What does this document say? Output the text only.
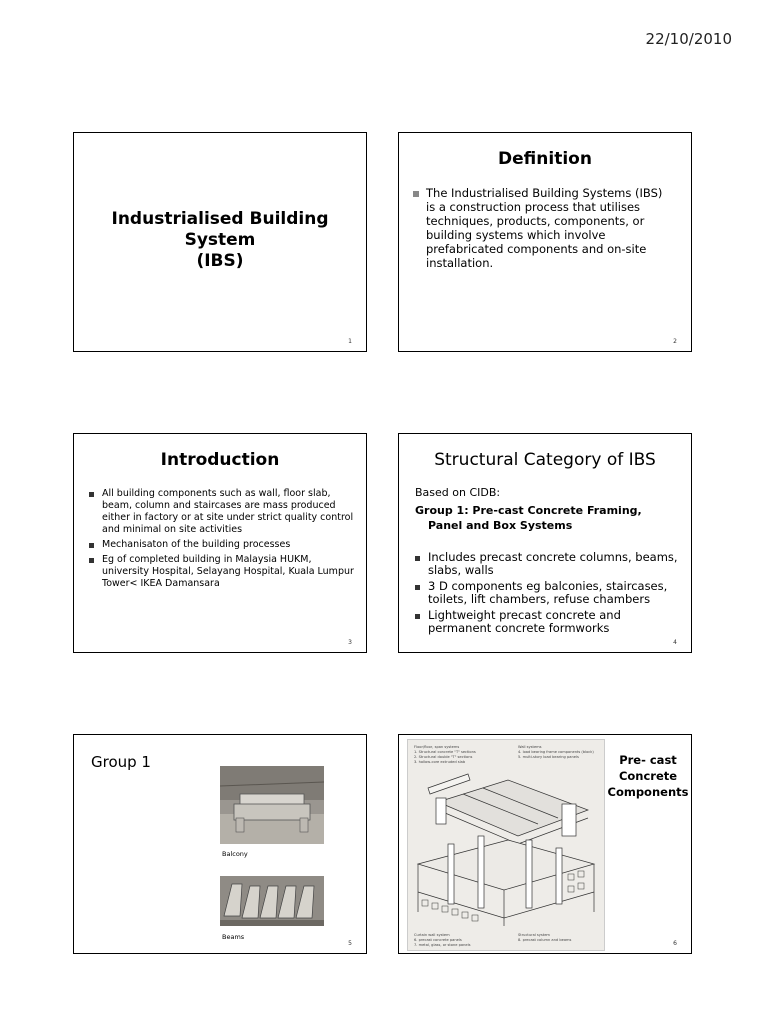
22/10/2010
Industrialised Building
System
(IBS)
1
Definition
The Industrialised Building Systems (IBS) is a construction process that utilises techniques, products, components, or building systems which involve prefabricated components and on-site installation.
2
Introduction
All building components such as wall, floor slab, beam, column and staircases are mass produced either in factory or at site under strict quality control and minimal on site activities
Mechanisaton of the building processes
Eg of completed building in Malaysia HUKM, university Hospital, Selayang Hospital, Kuala Lumpur Tower< IKEA Damansara
3
Structural Category of IBS
Based on CIDB:
Group 1: Pre-cast Concrete Framing,
Panel and Box Systems
Includes precast concrete columns, beams, slabs, walls
3 D components eg balconies, staircases, toilets, lift chambers, refuse chambers
Lightweight precast concrete and permanent concrete formworks
4
Group 1
Balcony
Beams
5
Floor/floor, span systems
1. Structural concrete "T" sections
2. Structural double "T" sections
3. hollow-core extruded slab
Wall systems
4. load bearing frame components (block)
5. multi-story load bearing panels
Curtain wall system
6. precast concrete panels
7. metal, glass, or stone panels
Structural system
8. precast column and beams
Pre- cast
Concrete
Components
6
